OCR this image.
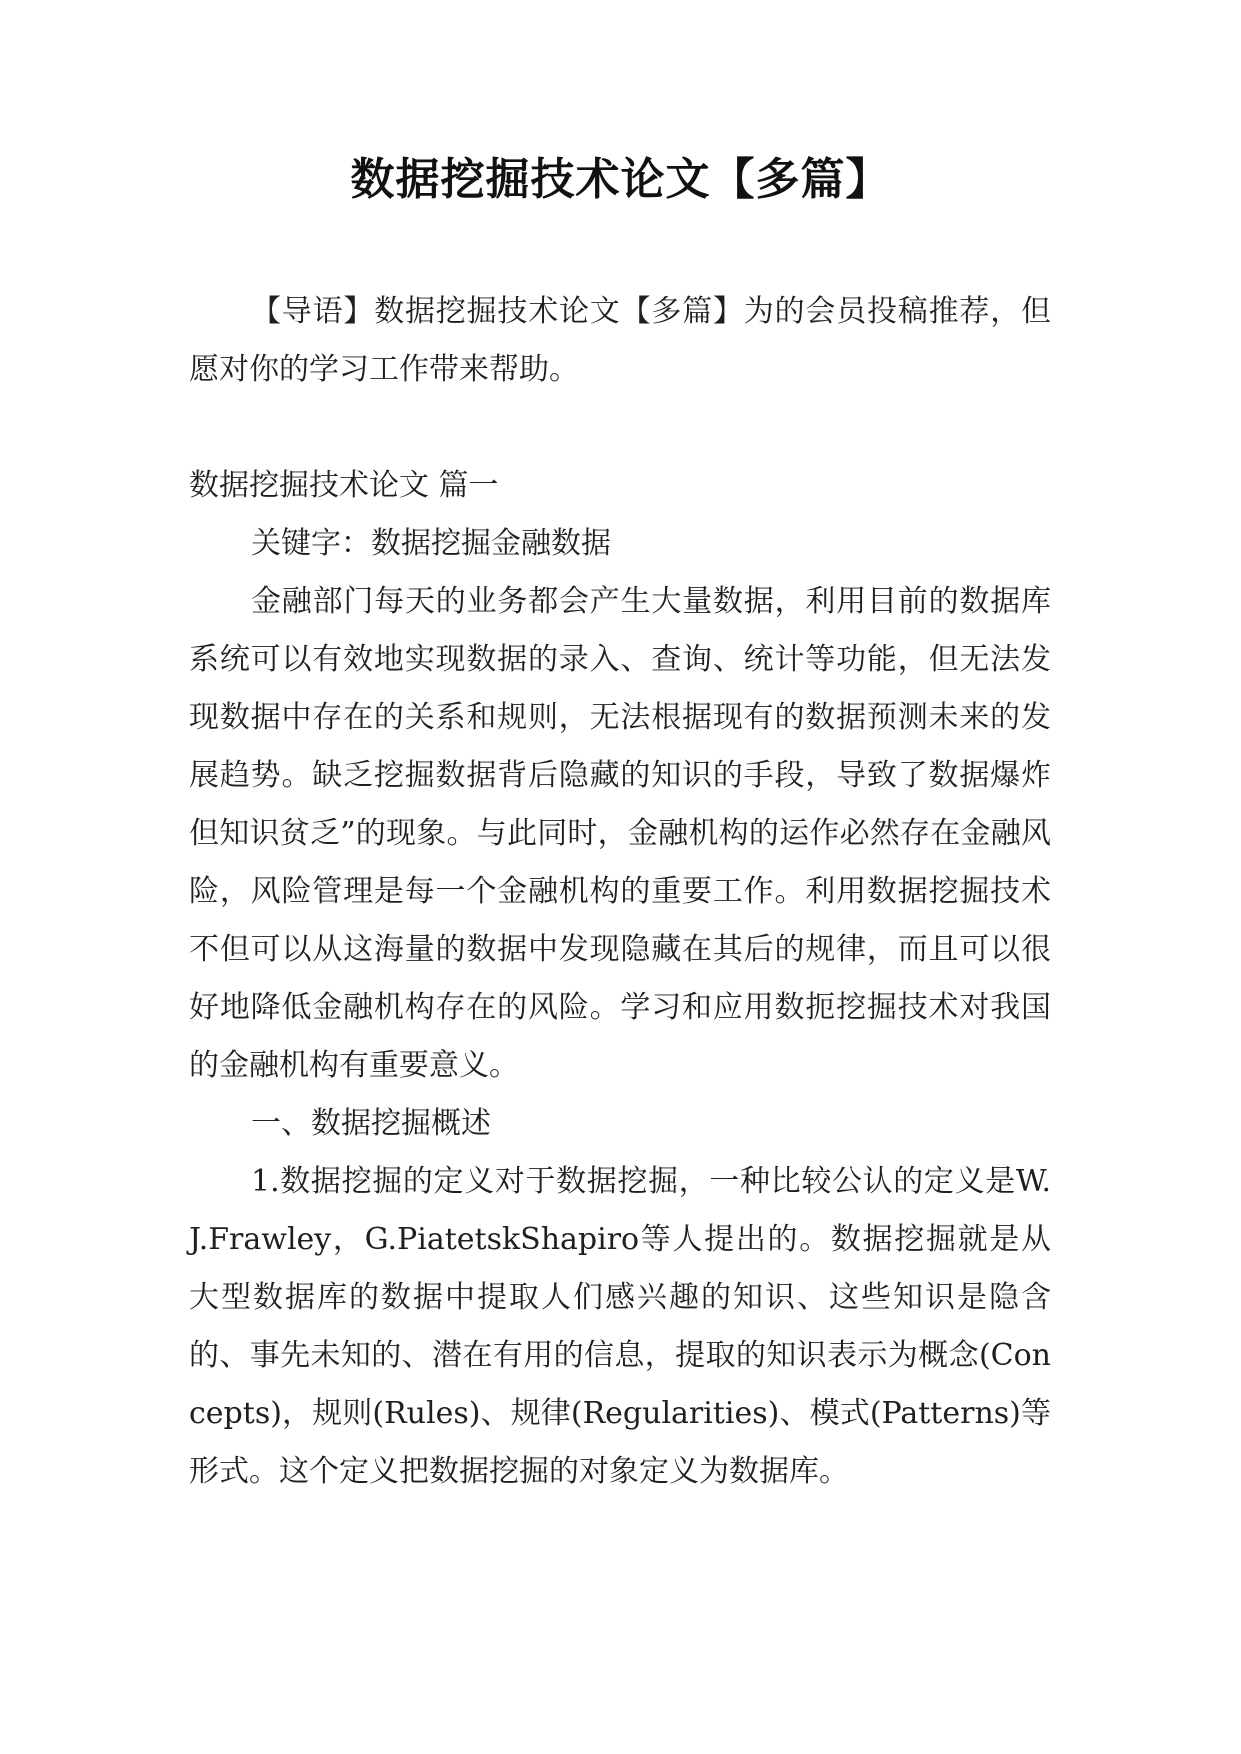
数据挖掘技术论文【多篇】

【导语】数据挖掘技术论文【多篇】为的会员投稿推荐，但愿对你的学习工作带来帮助。

数据挖掘技术论文 篇一

关键字：数据挖掘金融数据

金融部门每天的业务都会产生大量数据，利用目前的数据库系统可以有效地实现数据的录入、查询、统计等功能，但无法发现数据中存在的关系和规则，无法根据现有的数据预测未来的发展趋势。缺乏挖掘数据背后隐藏的知识的手段，导致了数据爆炸但知识贫乏”的现象。与此同时，金融机构的运作必然存在金融风险，风险管理是每一个金融机构的重要工作。利用数据挖掘技术不但可以从这海量的数据中发现隐藏在其后的规律，而且可以很好地降低金融机构存在的风险。学习和应用数扼挖掘技术对我国的金融机构有重要意义。

一、数据挖掘概述

1.数据挖掘的定义对于数据挖掘，一种比较公认的定义是W.J.Frawley，G.PiatetskShapiro等人提出的。数据挖掘就是从大型数据库的数据中提取人们感兴趣的知识、这些知识是隐含的、事先未知的、潜在有用的信息，提取的知识表示为概念(Concepts)，规则(Rules)、规律(Regularities)、模式(Patterns)等形式。这个定义把数据挖掘的对象定义为数据库。
